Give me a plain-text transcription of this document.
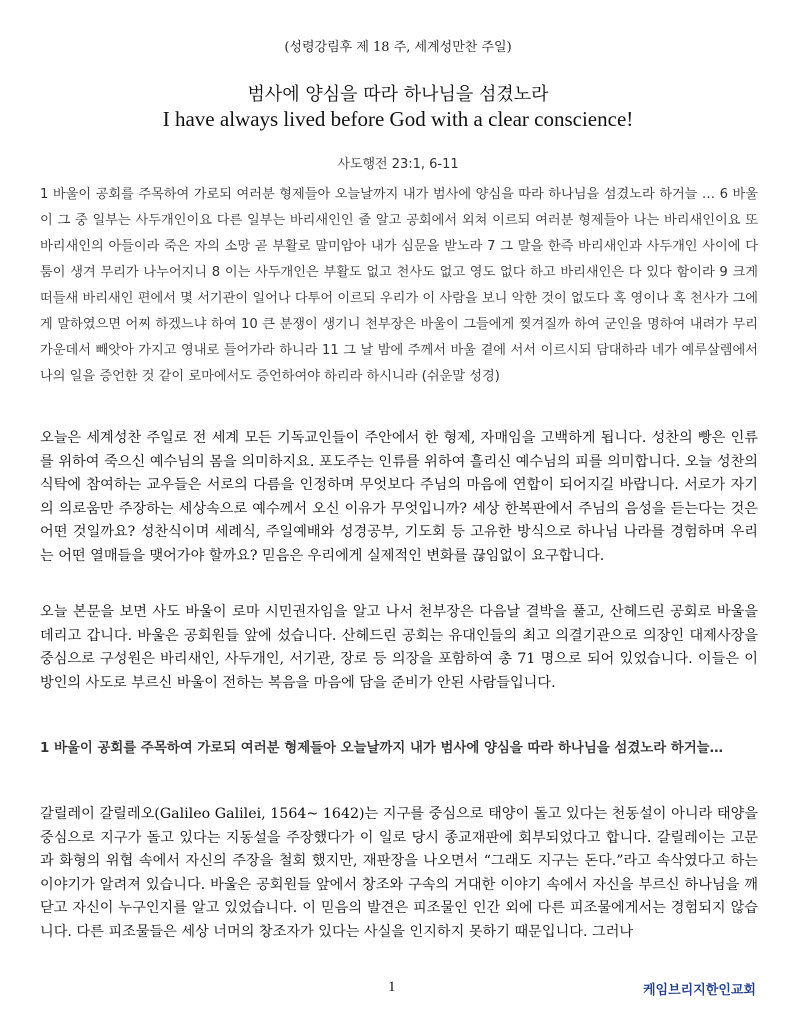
(성령강림후 제 18 주, 세계성만찬 주일)
범사에 양심을 따라 하나님을 섬겼노라
I have always lived before God with a clear conscience!
사도행전 23:1, 6-11
1 바울이 공회를 주목하여 가로되 여러분 형제들아 오늘날까지 내가 범사에 양심을 따라 하나님을 섬겼노라 하거늘 … 6 바울이 그 중 일부는 사두개인이요 다른 일부는 바리새인인 줄 알고 공회에서 외쳐 이르되 여러분 형제들아 나는 바리새인이요 또 바리새인의 아들이라 죽은 자의 소망 곧 부활로 말미암아 내가 심문을 받노라 7 그 말을 한즉 바리새인과 사두개인 사이에 다툼이 생겨 무리가 나누어지니 8 이는 사두개인은 부활도 없고 천사도 없고 영도 없다 하고 바리새인은 다 있다 함이라 9 크게 떠들새 바리새인 편에서 몇 서기관이 일어나 다투어 이르되 우리가 이 사람을 보니 악한 것이 없도다 혹 영이나 혹 천사가 그에게 말하였으면 어찌 하겠느냐 하여 10 큰 분쟁이 생기니 천부장은 바울이 그들에게 찢겨질까 하여 군인을 명하여 내려가 무리 가운데서 빼앗아 가지고 영내로 들어가라 하니라 11 그 날 밤에 주께서 바울 곁에 서서 이르시되 담대하라 네가 예루살렘에서 나의 일을 증언한 것 같이 로마에서도 증언하여야 하리라 하시니라 (쉬운말 성경)
오늘은 세계성찬 주일로 전 세계 모든 기독교인들이 주안에서 한 형제, 자매임을 고백하게 됩니다. 성찬의 빵은 인류를 위하여 죽으신 예수님의 몸을 의미하지요. 포도주는 인류를 위하여 흘리신 예수님의 피를 의미합니다. 오늘 성찬의 식탁에 참여하는 교우들은 서로의 다름을 인정하며 무엇보다 주님의 마음에 연합이 되어지길 바랍니다. 서로가 자기의 의로움만 주장하는 세상속으로 예수께서 오신 이유가 무엇입니까? 세상 한복판에서 주님의 음성을 듣는다는 것은 어떤 것일까요? 성찬식이며 세례식, 주일예배와 성경공부, 기도회 등 고유한 방식으로 하나님 나라를 경험하며 우리는 어떤 열매들을 맺어가야 할까요? 믿음은 우리에게 실제적인 변화를 끊임없이 요구합니다.
오늘 본문을 보면 사도 바울이 로마 시민권자임을 알고 나서 천부장은 다음날 결박을 풀고, 산헤드린 공회로 바울을 데리고 갑니다. 바울은 공회원들 앞에 섰습니다. 산헤드린 공회는 유대인들의 최고 의결기관으로 의장인 대제사장을 중심으로 구성원은 바리새인, 사두개인, 서기관, 장로 등 의장을 포함하여 총 71 명으로 되어 있었습니다. 이들은 이방인의 사도로 부르신 바울이 전하는 복음을 마음에 담을 준비가 안된 사람들입니다.
1 바울이 공회를 주목하여 가로되 여러분 형제들아 오늘날까지 내가 범사에 양심을 따라 하나님을 섬겼노라 하거늘…
갈릴레이 갈릴레오(Galileo Galilei, 1564~ 1642)는 지구를 중심으로 태양이 돌고 있다는 천동설이 아니라 태양을 중심으로 지구가 돌고 있다는 지동설을 주장했다가 이 일로 당시 종교재판에 회부되었다고 합니다. 갈릴레이는 고문과 화형의 위협 속에서 자신의 주장을 철회 했지만, 재판장을 나오면서 “그래도 지구는 돈다.”라고 속삭였다고 하는 이야기가 알려져 있습니다. 바울은 공회원들 앞에서 창조와 구속의 거대한 이야기 속에서 자신을 부르신 하나님을 깨닫고 자신이 누구인지를 알고 있었습니다. 이 믿음의 발견은 피조물인 인간 외에 다른 피조물에게서는 경험되지 않습니다. 다른 피조물들은 세상 너머의 창조자가 있다는 사실을 인지하지 못하기 때문입니다. 그러나
1	케임브리지한인교회
